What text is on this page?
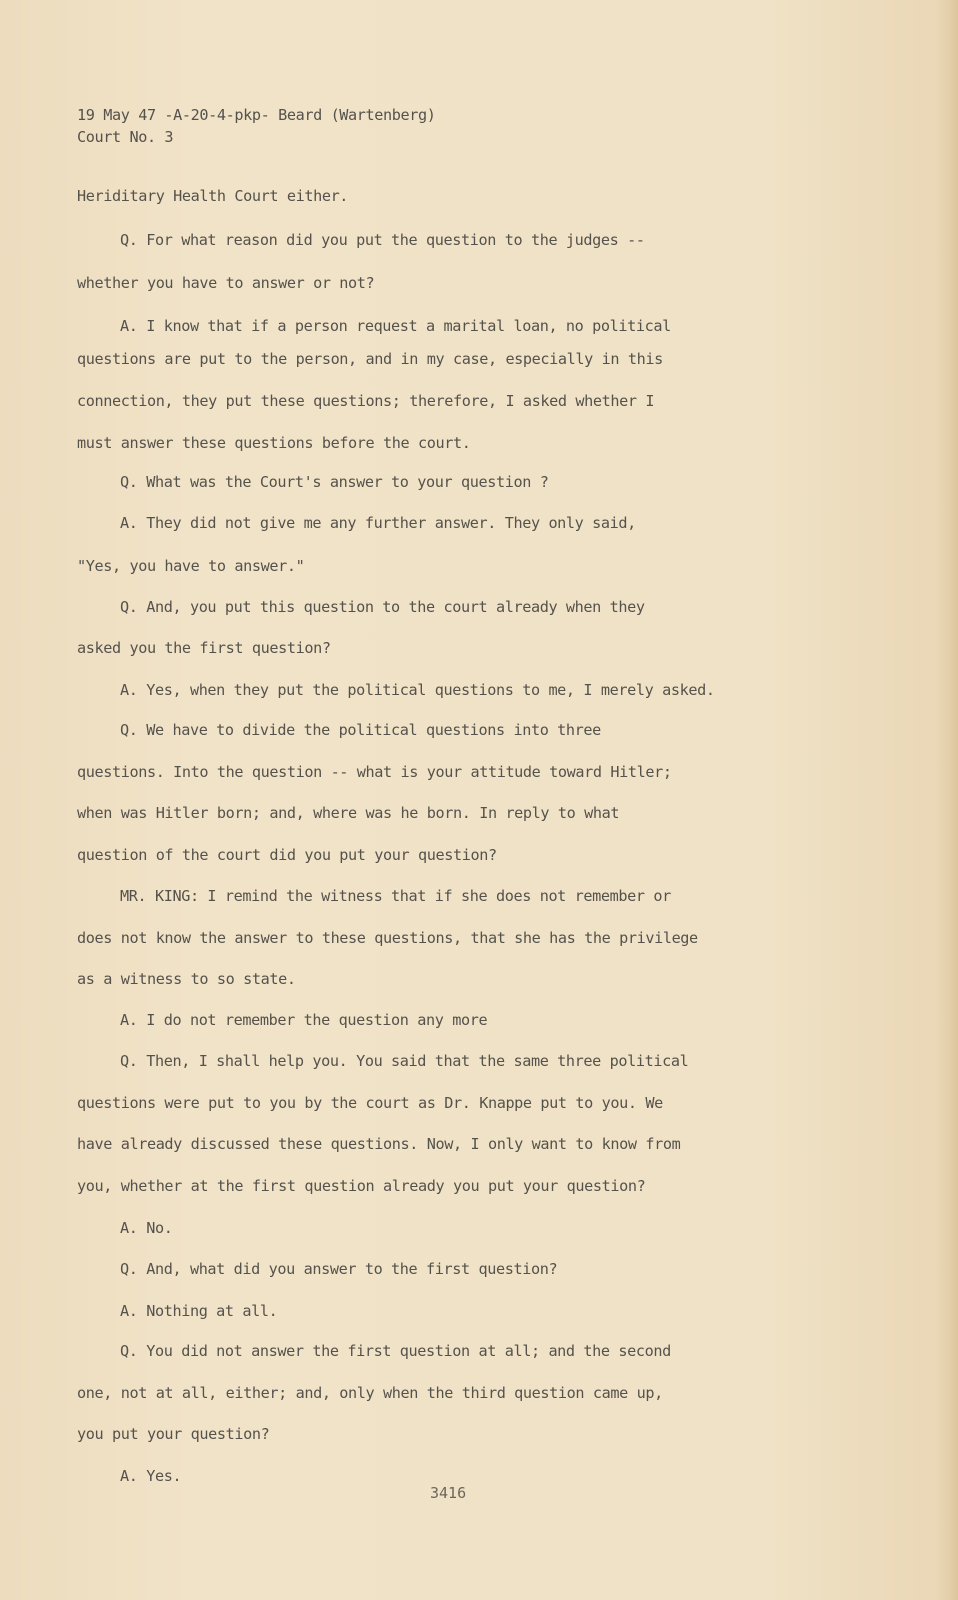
19 May 47 -A-20-4-pkp- Beard (Wartenberg)
Court No. 3
Heriditary Health Court either.
Q. For what reason did you put the question to the judges --
whether you have to answer or not?
A. I know that if a person request a marital loan, no political
questions are put to the person, and in my case, especially in this
connection, they put these questions; therefore, I asked whether I
must answer these questions before the court.
Q. What was the Court's answer to your question ?
A. They did not give me any further answer. They only said,
"Yes, you have to answer."
Q. And, you put this question to the court already when they
asked you the first question?
A. Yes, when they put the political questions to me, I merely asked.
Q. We have to divide the political questions into three
questions. Into the question -- what is your attitude toward Hitler;
when was Hitler born; and, where was he born. In reply to what
question of the court did you put your question?
MR. KING: I remind the witness that if she does not remember or
does not know the answer to these questions, that she has the privilege
as a witness to so state.
A. I do not remember the question any more
Q. Then, I shall help you. You said that the same three political
questions were put to you by the court as Dr. Knappe put to you. We
have already discussed these questions. Now, I only want to know from
you, whether at the first question already you put your question?
A. No.
Q. And, what did you answer to the first question?
A. Nothing at all.
Q. You did not answer the first question at all; and the second
one, not at all, either; and, only when the third question came up,
you put your question?
A. Yes.
3416
